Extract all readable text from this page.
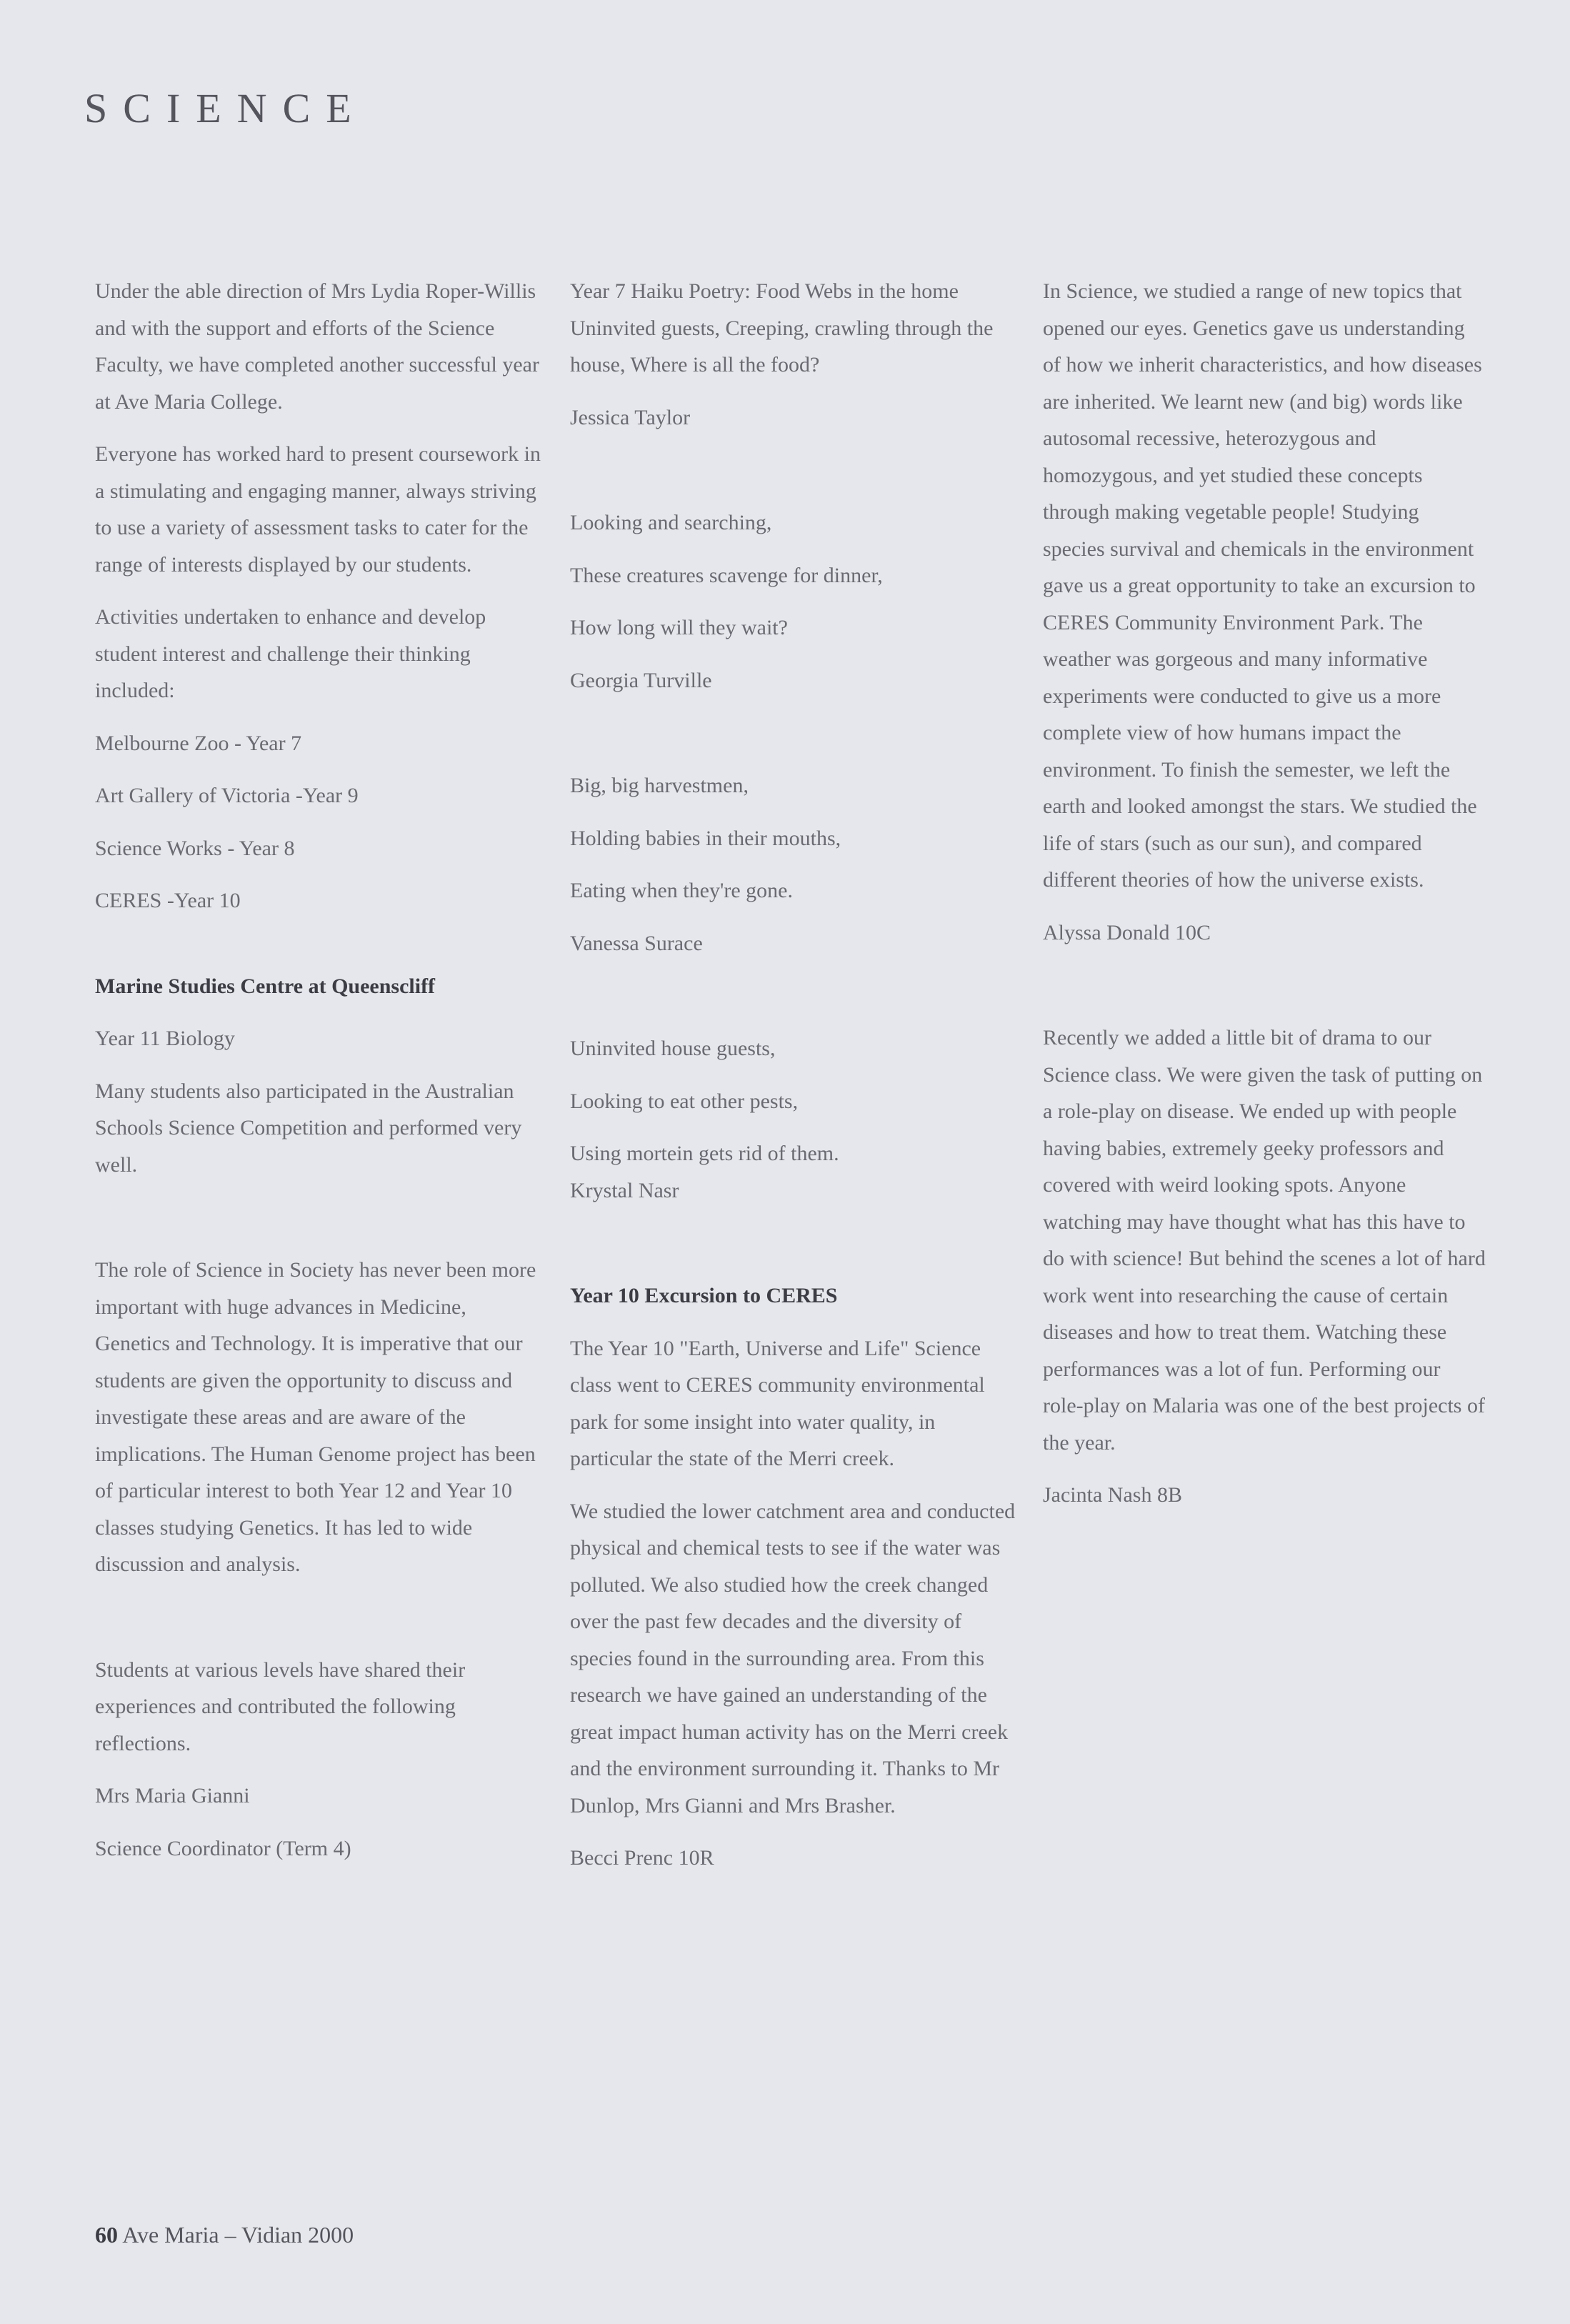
SCIENCE

Under the able direction of Mrs Lydia Roper-Willis and with the support and efforts of the Science Faculty, we have completed another successful year at Ave Maria College.

Everyone has worked hard to present coursework in a stimulating and engaging manner, always striving to use a variety of assessment tasks to cater for the range of interests displayed by our students.

Activities undertaken to enhance and develop student interest and challenge their thinking included:

Melbourne Zoo - Year 7

Art Gallery of Victoria -Year 9

Science Works - Year 8

CERES -Year 10

Marine Studies Centre at Queenscliff

Year 11 Biology

Many students also participated in the Australian Schools Science Competition and performed very well.

The role of Science in Society has never been more important with huge advances in Medicine, Genetics and Technology. It is imperative that our students are given the opportunity to discuss and investigate these areas and are aware of the implications. The Human Genome project has been of particular interest to both Year 12 and Year 10 classes studying Genetics. It has led to wide discussion and analysis.

Students at various levels have shared their experiences and contributed the following reflections.

Mrs Maria Gianni

Science Coordinator (Term 4)

Year 7 Haiku Poetry: Food Webs in the home Uninvited guests, Creeping, crawling through the house, Where is all the food?

Jessica Taylor

Looking and searching,

These creatures scavenge for dinner,

How long will they wait?

Georgia Turville

Big, big harvestmen,

Holding babies in their mouths,

Eating when they're gone.

Vanessa Surace

Uninvited house guests,

Looking to eat other pests,

Using mortein gets rid of them.

Krystal Nasr

Year 10 Excursion to CERES

The Year 10 "Earth, Universe and Life" Science class went to CERES community environmental park for some insight into water quality, in particular the state of the Merri creek.

We studied the lower catchment area and conducted physical and chemical tests to see if the water was polluted. We also studied how the creek changed over the past few decades and the diversity of species found in the surrounding area. From this research we have gained an understanding of the great impact human activity has on the Merri creek and the environment surrounding it. Thanks to Mr Dunlop, Mrs Gianni and Mrs Brasher.

Becci Prenc 10R

In Science, we studied a range of new topics that opened our eyes. Genetics gave us understanding of how we inherit characteristics, and how diseases are inherited. We learnt new (and big) words like autosomal recessive, heterozygous and homozygous, and yet studied these concepts through making vegetable people! Studying species survival and chemicals in the environment gave us a great opportunity to take an excursion to CERES Community Environment Park. The weather was gorgeous and many informative experiments were conducted to give us a more complete view of how humans impact the environment. To finish the semester, we left the earth and looked amongst the stars. We studied the life of stars (such as our sun), and compared different theories of how the universe exists.

Alyssa Donald 10C

Recently we added a little bit of drama to our Science class. We were given the task of putting on a role-play on disease. We ended up with people having babies, extremely geeky professors and covered with weird looking spots. Anyone watching may have thought what has this have to do with science! But behind the scenes a lot of hard work went into researching the cause of certain diseases and how to treat them. Watching these performances was a lot of fun. Performing our role-play on Malaria was one of the best projects of the year.

Jacinta Nash 8B

60 Ave Maria – Vidian 2000
